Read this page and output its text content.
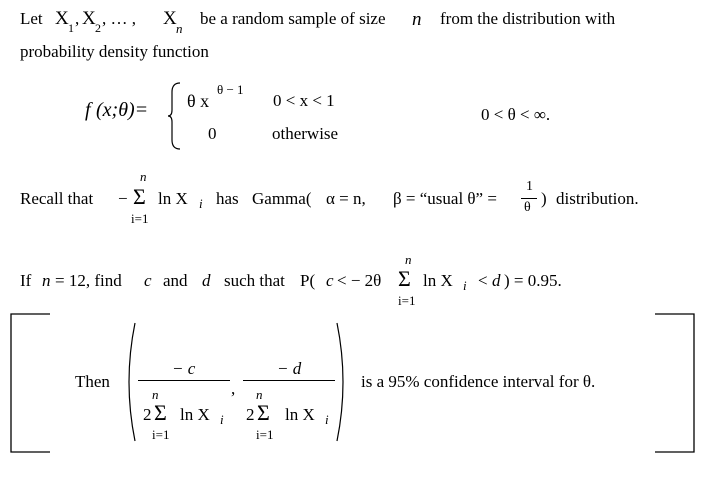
Let X 1 , X 2 , … , X n
be a random sample of size n from the distribution with
probability density function
f (x;θ)= θ x
θ − 1
0 < x < 1
0	otherwise
0 < θ < ∞.
Recall that −
n
Σ
i=1
ln X i has Gamma( α = n, β = “usual θ” =
1
θ ) distribution.
If n = 12, find c and d such that P( c < − 2θ
n
Σ
i=1
ln X i < d ) = 0.95.
Then
− c
n
2 Σ
i=1
ln X i
,
− d
n
2 Σ
i=1
ln X i
is a 95% confidence interval for θ.
